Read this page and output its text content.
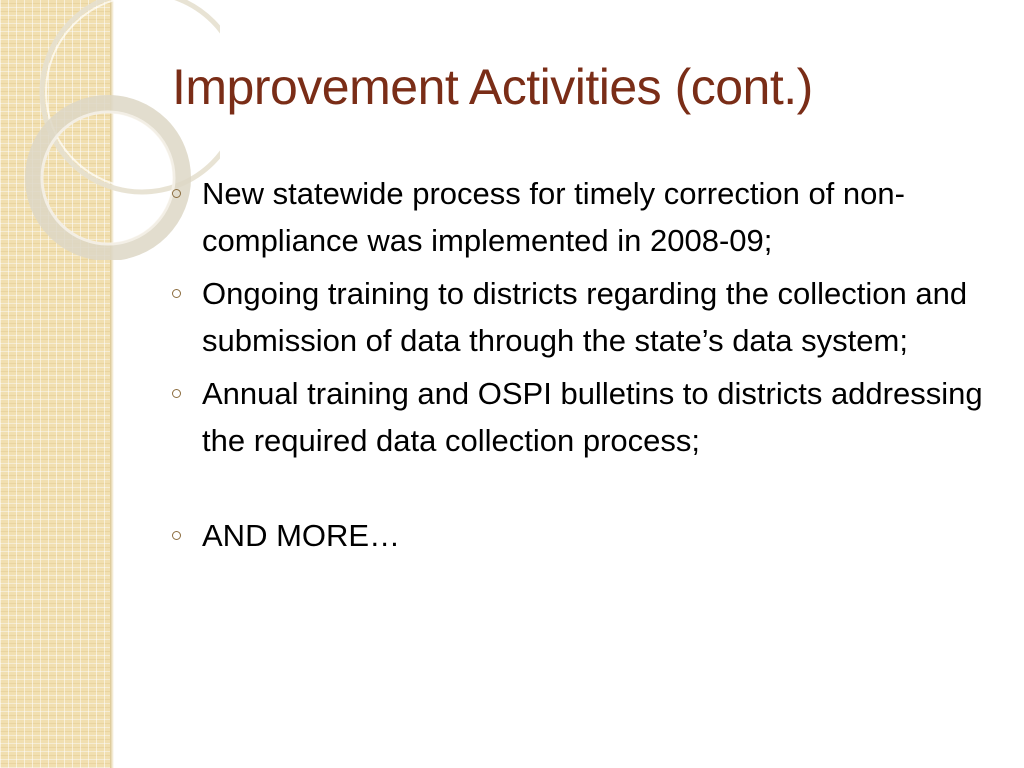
Improvement Activities (cont.)
New statewide process for timely correction of non-compliance was implemented in 2008-09;
Ongoing training to districts regarding the collection and submission of data through the state’s data system;
Annual training and OSPI bulletins to districts addressing the required data collection process;
AND MORE…
